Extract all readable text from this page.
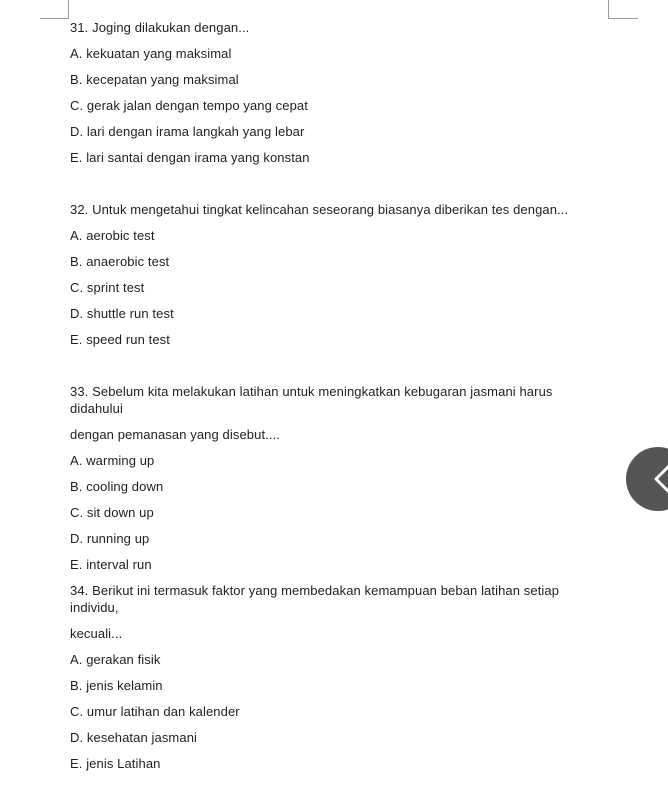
31. Joging dilakukan dengan...
A. kekuatan yang maksimal
B. kecepatan yang maksimal
C. gerak jalan dengan tempo yang cepat
D. lari dengan irama langkah yang lebar
E. lari santai dengan irama yang konstan
32. Untuk mengetahui tingkat kelincahan seseorang biasanya diberikan tes dengan...
A. aerobic test
B. anaerobic test
C. sprint test
D. shuttle run test
E. speed run test
33. Sebelum kita melakukan latihan untuk meningkatkan kebugaran jasmani harus
didahului
dengan pemanasan yang disebut....
A. warming up
B. cooling down
C. sit down up
D. running up
E. interval run
34. Berikut ini termasuk faktor yang membedakan kemampuan beban latihan setiap
individu,
kecuali...
A. gerakan fisik
B. jenis kelamin
C. umur latihan dan kalender
D. kesehatan jasmani
E. jenis Latihan
